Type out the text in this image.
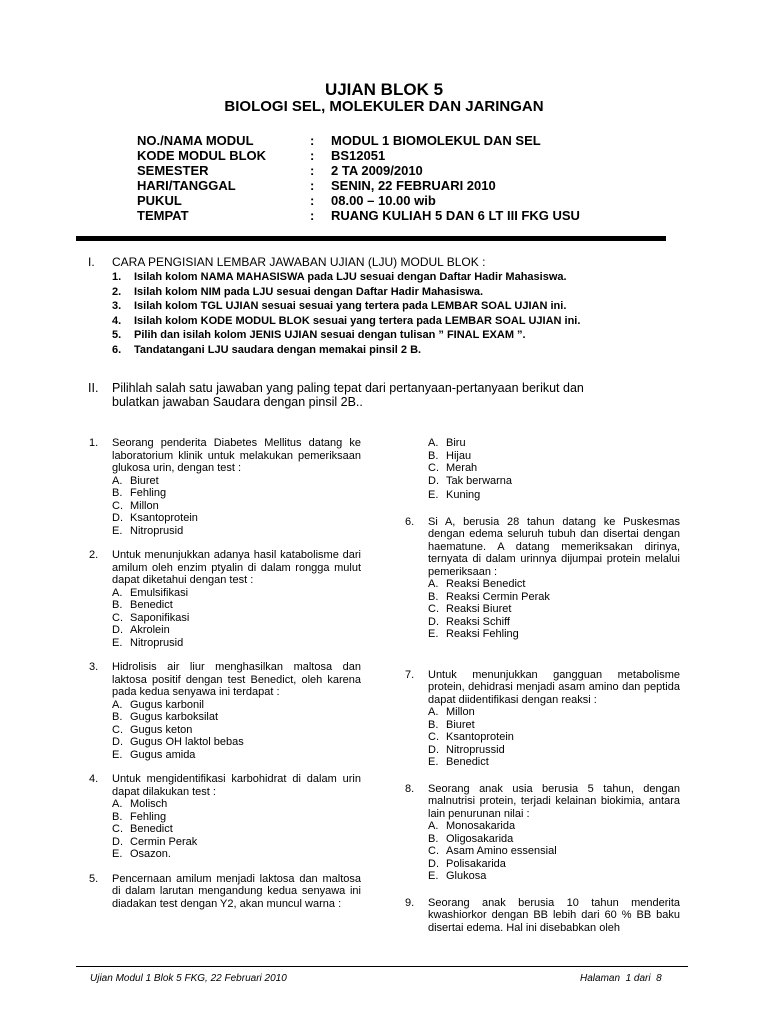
UJIAN BLOK 5
BIOLOGI SEL, MOLEKULER DAN JARINGAN
NO./NAMA MODUL	: MODUL 1 BIOMOLEKUL DAN SEL
KODE MODUL BLOK	: BS12051
SEMESTER	: 2 TA 2009/2010
HARI/TANGGAL	: SENIN, 22 FEBRUARI 2010
PUKUL	: 08.00 – 10.00 wib
TEMPAT	: RUANG KULIAH 5 DAN 6 LT III FKG USU
I. CARA PENGISIAN LEMBAR JAWABAN UJIAN (LJU) MODUL BLOK :
1. Isilah kolom NAMA MAHASISWA pada LJU sesuai dengan Daftar Hadir Mahasiswa.
2. Isilah kolom NIM pada LJU sesuai dengan Daftar Hadir Mahasiswa.
3. Isilah kolom TGL UJIAN sesuai sesuai yang tertera pada LEMBAR SOAL UJIAN ini.
4. Isilah kolom KODE MODUL BLOK sesuai yang tertera pada LEMBAR SOAL UJIAN ini.
5. Pilih dan isilah kolom JENIS UJIAN sesuai dengan tulisan ” FINAL EXAM ”.
6. Tandatangani LJU saudara dengan memakai pinsil 2 B.
II. Pilihlah salah satu jawaban yang paling tepat dari pertanyaan-pertanyaan berikut dan
bulatkan jawaban Saudara dengan pinsil 2B..
1. Seorang penderita Diabetes Mellitus datang ke laboratorium klinik untuk melakukan pemeriksaan glukosa urin, dengan test :
A. Biuret
B. Fehling
C. Millon
D. Ksantoprotein
E. Nitroprusid
2. Untuk menunjukkan adanya hasil katabolisme dari amilum oleh enzim ptyalin di dalam rongga mulut dapat diketahui dengan test :
A. Emulsifikasi
B. Benedict
C. Saponifikasi
D. Akrolein
E. Nitroprusid
3. Hidrolisis air liur menghasilkan maltosa dan laktosa positif dengan test Benedict, oleh karena pada kedua senyawa ini terdapat :
A. Gugus karbonil
B. Gugus karboksilat
C. Gugus keton
D. Gugus OH laktol bebas
E. Gugus amida
4. Untuk mengidentifikasi karbohidrat di dalam urin dapat dilakukan test :
A. Molisch
B. Fehling
C. Benedict
D. Cermin Perak
E. Osazon.
5. Pencernaan amilum menjadi laktosa dan maltosa di dalam larutan mengandung kedua senyawa ini diadakan test dengan Y2, akan muncul warna :
A. Biru
B. Hijau
C. Merah
D. Tak berwarna
E. Kuning
6. Si A, berusia 28 tahun datang ke Puskesmas dengan edema seluruh tubuh dan disertai dengan haematune. A datang memeriksakan dirinya, ternyata di dalam urinnya dijumpai protein melalui pemeriksaan :
A. Reaksi Benedict
B. Reaksi Cermin Perak
C. Reaksi Biuret
D. Reaksi Schiff
E. Reaksi Fehling
7. Untuk menunjukkan gangguan metabolisme protein, dehidrasi menjadi asam amino dan peptida dapat diidentifikasi dengan reaksi :
A. Millon
B. Biuret
C. Ksantoprotein
D. Nitroprussid
E. Benedict
8. Seorang anak usia berusia 5 tahun, dengan malnutrisi protein, terjadi kelainan biokimia, antara lain penurunan nilai :
A. Monosakarida
B. Oligosakarida
C. Asam Amino essensial
D. Polisakarida
E. Glukosa
9. Seorang anak berusia 10 tahun menderita kwashiorkor dengan BB lebih dari 60 % BB baku disertai edema. Hal ini disebabkan oleh
Ujian Modul 1 Blok 5 FKG, 22 Februari 2010	Halaman  1 dari  8
